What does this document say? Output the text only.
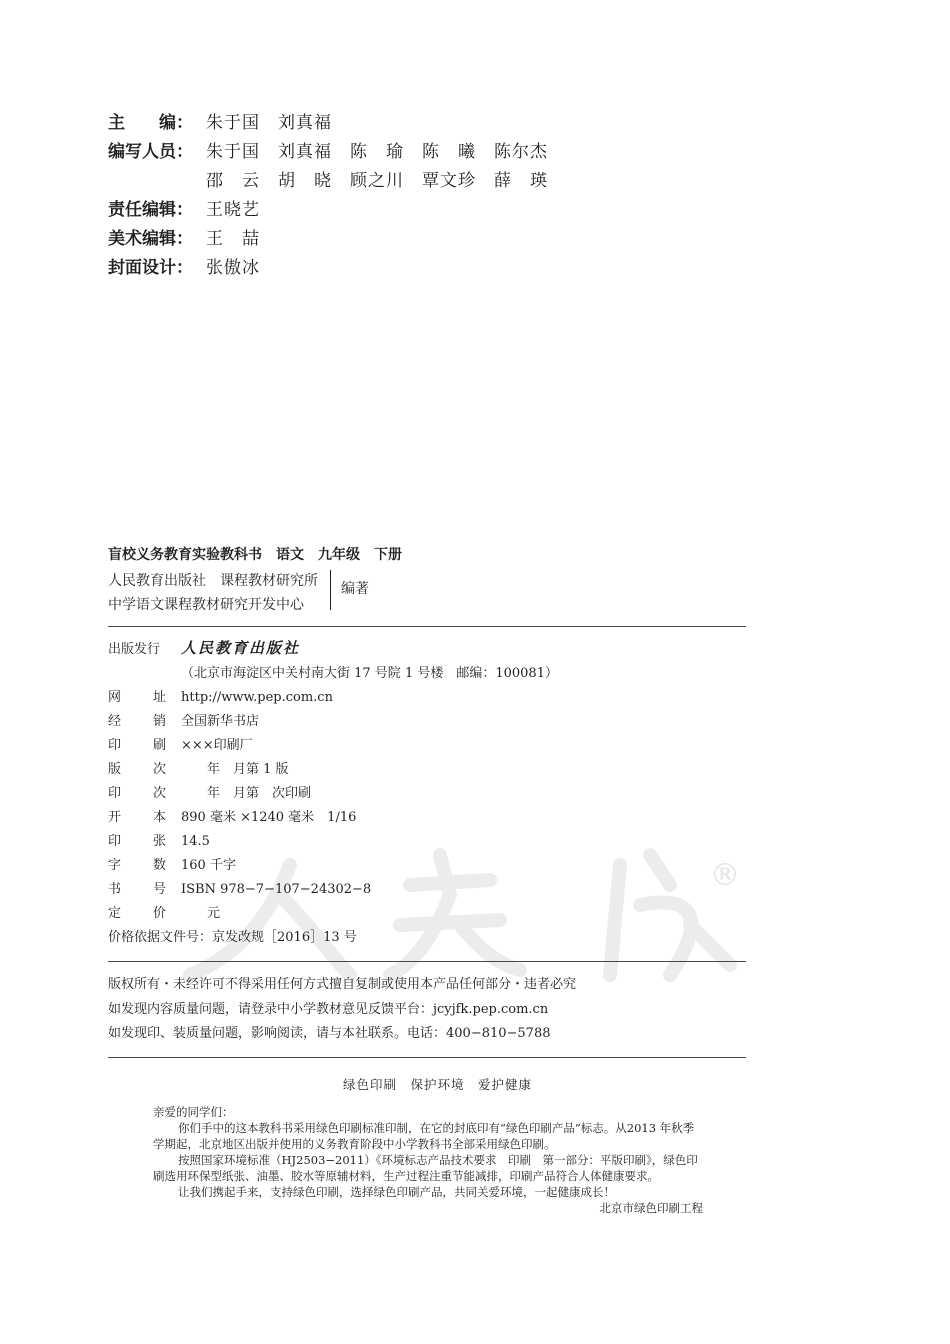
主　　编： 朱于国　刘真福
编写人员： 朱于国　刘真福　陈　瑜　陈　曦　陈尔杰
邵　云　胡　晓　顾之川　覃文珍　薛　瑛
责任编辑： 王晓艺
美术编辑： 王　喆
封面设计： 张傲冰
®
盲校义务教育实验教科书　语文　九年级　下册
人民教育出版社　课程教材研究所
中学语文课程教材研究开发中心
编著
出版发行 人民教育出版社
（北京市海淀区中关村南大街 17 号院 1 号楼　邮编：100081）
网 址 http://www.pep.com.cn
经 销 全国新华书店
印 刷 ×××印刷厂
版 次 　　年　月第 1 版
印 次 　　年　月第　次印刷
开 本 890 毫米 ×1240 毫米　1/16
印 张 14.5
字 数 160 千字
书 号 ISBN 978−7−107−24302−8
定 价 　　元
价格依据文件号：京发改规［2016］13 号
版权所有・未经许可不得采用任何方式擅自复制或使用本产品任何部分・违者必究
如发现内容质量问题，请登录中小学教材意见反馈平台：jcyjfk.pep.com.cn
如发现印、装质量问题，影响阅读，请与本社联系。电话：400−810−5788
绿色印刷　保护环境　爱护健康

亲爱的同学们：

你们手中的这本教科书采用绿色印刷标准印制，在它的封底印有“绿色印刷产品”标志。从2013 年秋季学期起，北京地区出版并使用的义务教育阶段中小学教科书全部采用绿色印刷。

按照国家环境标准（HJ2503−2011）《环境标志产品技术要求　印刷　第一部分：平版印刷》，绿色印刷选用环保型纸张、油墨、胶水等原辅材料，生产过程注重节能减排，印刷产品符合人体健康要求。

让我们携起手来，支持绿色印刷，选择绿色印刷产品，共同关爱环境，一起健康成长！

北京市绿色印刷工程
